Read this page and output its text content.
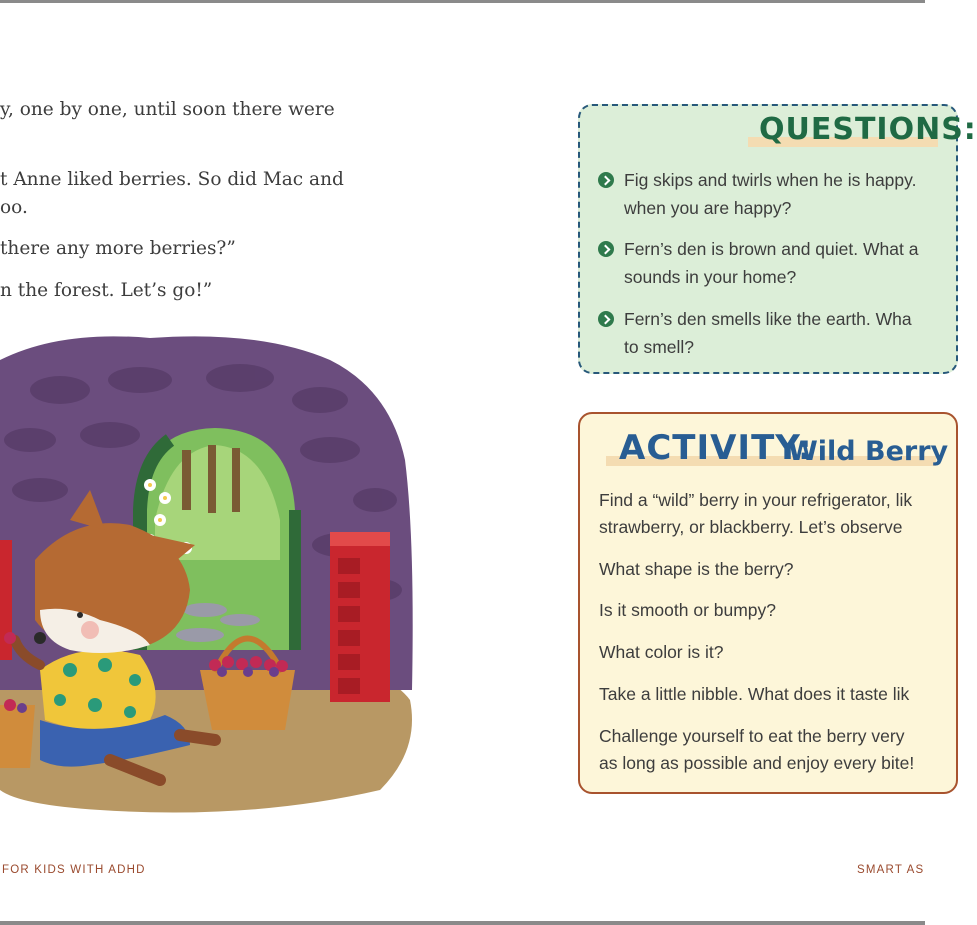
y, one by one, until soon there were
t Anne liked berries. So did Mac and
oo.
there any more berries?”
n the forest. Let’s go!”
QUESTIONS:
Fig skips and twirls when he is happy.
when you are happy?
Fern’s den is brown and quiet. What a
sounds in your home?
Fern’s den smells like the earth. Wha
to smell?
ACTIVITY:
Wild Berry
Find a “wild” berry in your refrigerator, lik
strawberry, or blackberry. Let’s observe
What shape is the berry?
Is it smooth or bumpy?
What color is it?
Take a little nibble. What does it taste lik
Challenge yourself to eat the berry very
as long as possible and enjoy every bite!
FOR KIDS WITH ADHD	SMART AS
